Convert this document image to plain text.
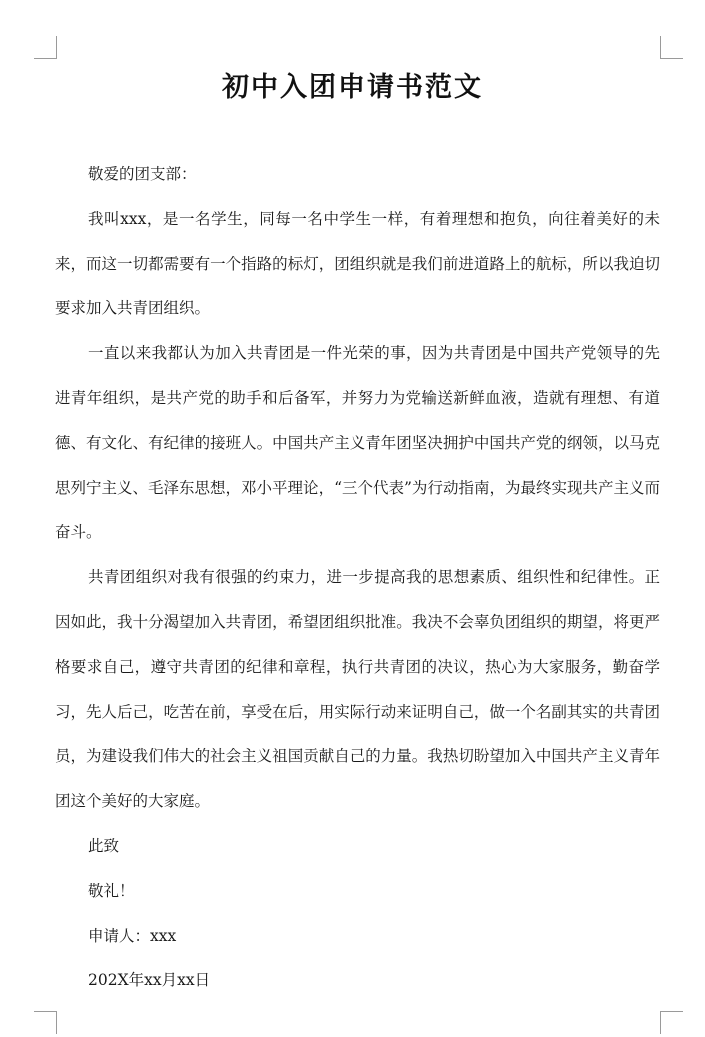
初中入团申请书范文

敬爱的团支部：

我叫xxx，是一名学生，同每一名中学生一样，有着理想和抱负，向往着美好的未来，而这一切都需要有一个指路的标灯，团组织就是我们前进道路上的航标，所以我迫切要求加入共青团组织。

一直以来我都认为加入共青团是一件光荣的事，因为共青团是中国共产党领导的先进青年组织，是共产党的助手和后备军，并努力为党输送新鲜血液，造就有理想、有道德、有文化、有纪律的接班人。中国共产主义青年团坚决拥护中国共产党的纲领，以马克思列宁主义、毛泽东思想，邓小平理论，“三个代表”为行动指南，为最终实现共产主义而奋斗。

共青团组织对我有很强的约束力，进一步提高我的思想素质、组织性和纪律性。正因如此，我十分渴望加入共青团，希望团组织批准。我决不会辜负团组织的期望，将更严格要求自己，遵守共青团的纪律和章程，执行共青团的决议，热心为大家服务，勤奋学习，先人后己，吃苦在前，享受在后，用实际行动来证明自己，做一个名副其实的共青团员，为建设我们伟大的社会主义祖国贡献自己的力量。我热切盼望加入中国共产主义青年团这个美好的大家庭。

此致

敬礼！

申请人：xxx

202X年xx月xx日
